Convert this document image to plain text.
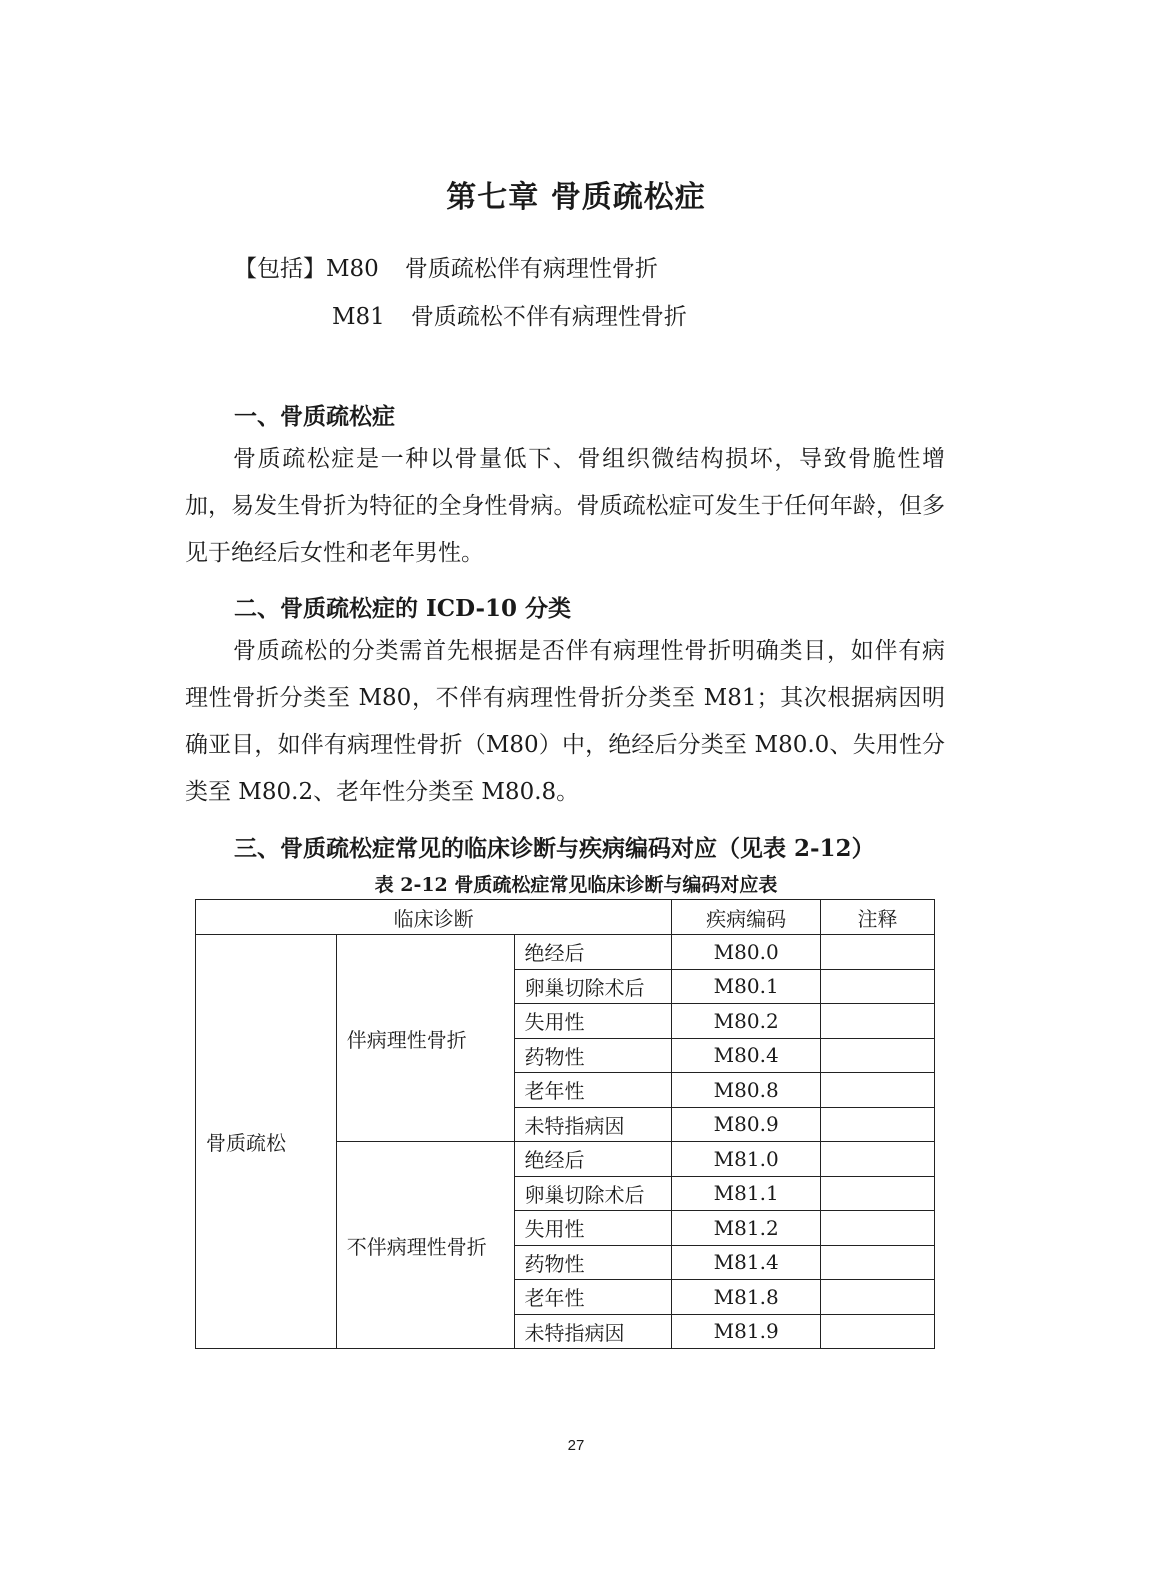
第七章 骨质疏松症
【包括】M80 骨质疏松伴有病理性骨折
M81 骨质疏松不伴有病理性骨折
一、骨质疏松症

骨质疏松症是一种以骨量低下、骨组织微结构损坏，导致骨脆性增加，易发生骨折为特征的全身性骨病。骨质疏松症可发生于任何年龄，但多见于绝经后女性和老年男性。

二、骨质疏松症的 ICD-10 分类

骨质疏松的分类需首先根据是否伴有病理性骨折明确类目，如伴有病理性骨折分类至 M80，不伴有病理性骨折分类至 M81；其次根据病因明确亚目，如伴有病理性骨折（M80）中，绝经后分类至 M80.0、失用性分类至 M80.2、老年性分类至 M80.8。

三、骨质疏松症常见的临床诊断与疾病编码对应（见表 2-12）
表 2-12 骨质疏松症常见临床诊断与编码对应表
临床诊断			疾病编码	注释
骨质疏松	伴病理性骨折	绝经后	M80.0	
		卵巢切除术后	M80.1	
		失用性	M80.2	
		药物性	M80.4	
		老年性	M80.8	
		未特指病因	M80.9	
	不伴病理性骨折	绝经后	M81.0	
		卵巢切除术后	M81.1	
		失用性	M81.2	
		药物性	M81.4	
		老年性	M81.8	
		未特指病因	M81.9	
27
